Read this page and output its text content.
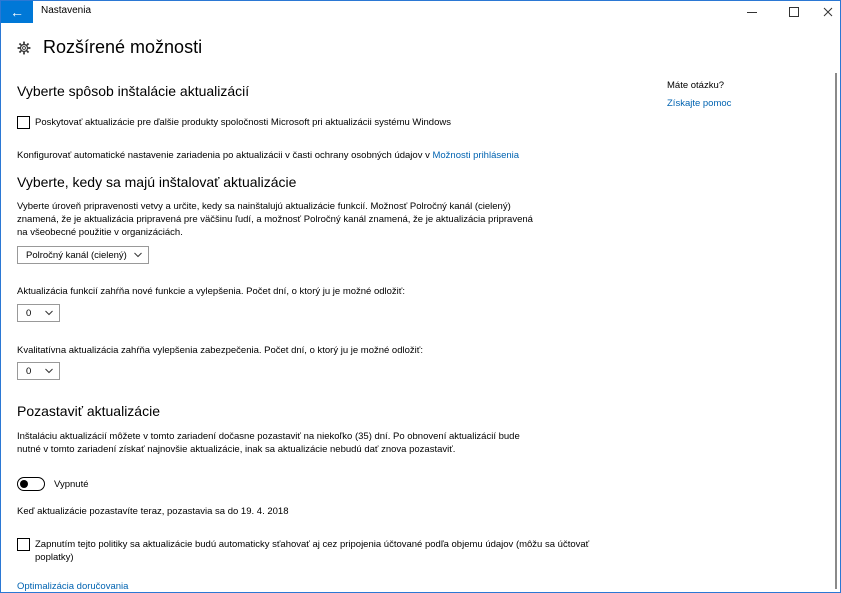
← Nastavenia
Rozšírené možnosti
Vyberte spôsob inštalácie aktualizácií
Poskytovať aktualizácie pre ďalšie produkty spoločnosti Microsoft pri aktualizácii systému Windows
Konfigurovať automatické nastavenie zariadenia po aktualizácii v časti ochrany osobných údajov v Možnosti prihlásenia
Vyberte, kedy sa majú inštalovať aktualizácie
Vyberte úroveň pripravenosti vetvy a určite, kedy sa nainštalujú aktualizácie funkcií. Možnosť Polročný kanál (cielený)
znamená, že je aktualizácia pripravená pre väčšinu ľudí, a možnosť Polročný kanál znamená, že je aktualizácia pripravená
na všeobecné použitie v organizáciách.
Polročný kanál (cielený)
Aktualizácia funkcií zahŕňa nové funkcie a vylepšenia. Počet dní, o ktorý ju je možné odložiť:
0
Kvalitatívna aktualizácia zahŕňa vylepšenia zabezpečenia. Počet dní, o ktorý ju je možné odložiť:
0
Pozastaviť aktualizácie
Inštaláciu aktualizácií môžete v tomto zariadení dočasne pozastaviť na niekoľko (35) dní. Po obnovení aktualizácií bude
nutné v tomto zariadení získať najnovšie aktualizácie, inak sa aktualizácie nebudú dať znova pozastaviť.
Vypnuté
Keď aktualizácie pozastavíte teraz, pozastavia sa do 19. 4. 2018
Zapnutím tejto politiky sa aktualizácie budú automaticky sťahovať aj cez pripojenia účtované podľa objemu údajov (môžu sa účtovať
poplatky)
Optimalizácia doručovania
Máte otázku?
Získajte pomoc
